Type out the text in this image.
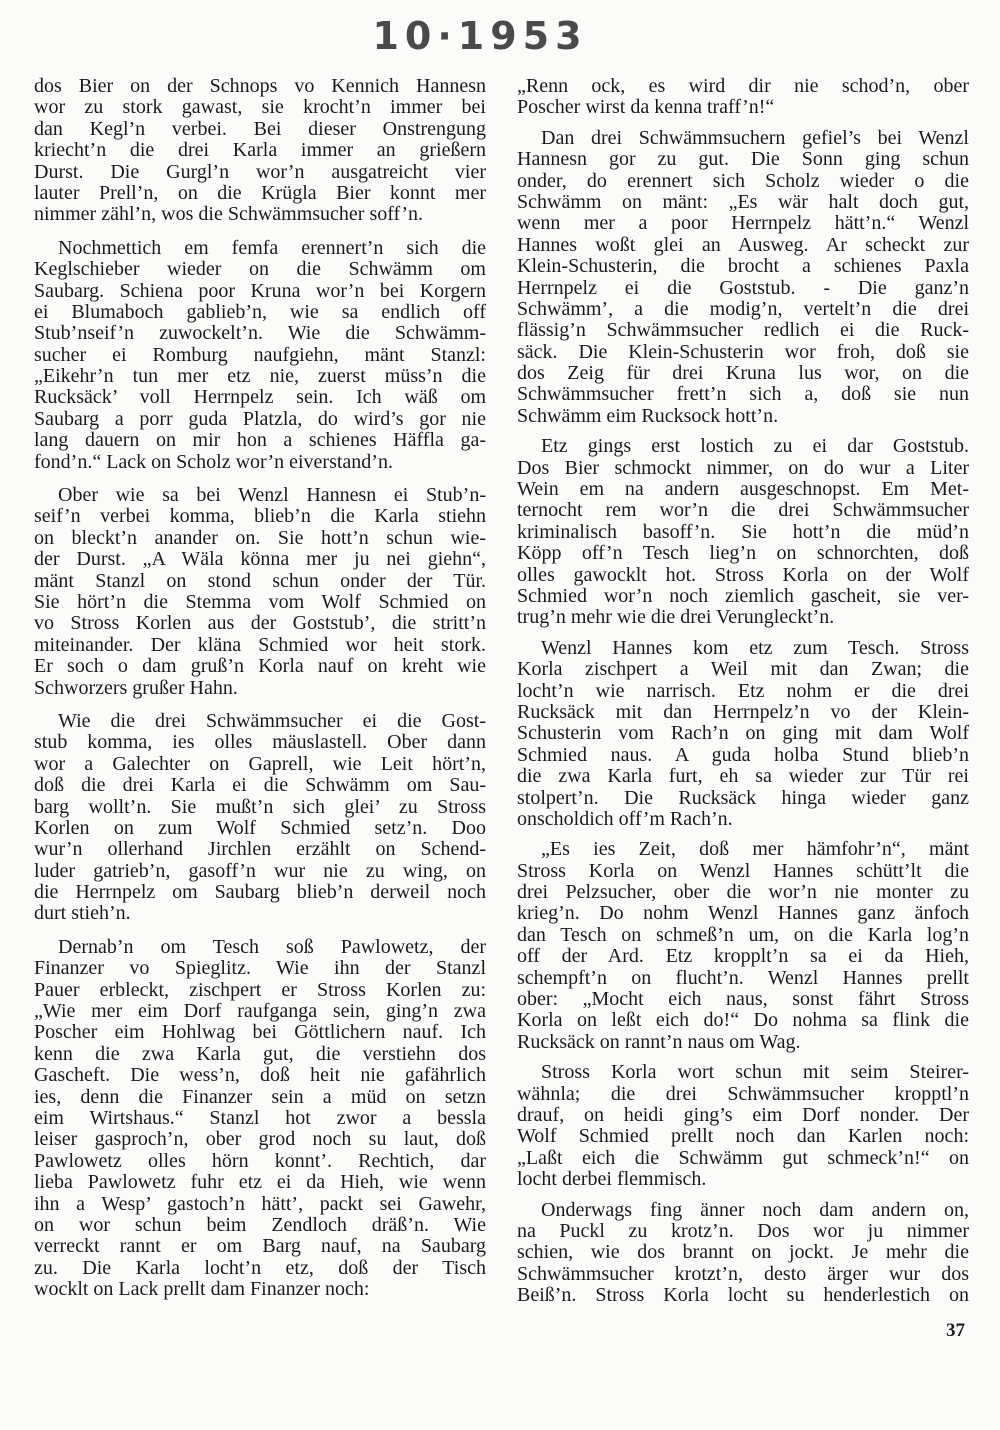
10·1953
dos Bier on der Schnops vo Kennich Hannesn
wor zu stork gawast, sie krocht’n immer bei
dan Kegl’n verbei. Bei dieser Onstrengung
kriecht’n die drei Karla immer an grießern
Durst. Die Gurgl’n wor’n ausgatreicht vier
lauter Prell’n, on die Krügla Bier konnt mer
nimmer zähl’n, wos die Schwämmsucher soff’n.
Nochmettich em femfa erennert’n sich die
Keglschieber wieder on die Schwämm om
Saubarg. Schiena poor Kruna wor’n bei Korgern
ei Blumaboch gablieb’n, wie sa endlich off
Stub’nseif’n zuwockelt’n. Wie die Schwämm-
sucher ei Romburg naufgiehn, mänt Stanzl:
„Eikehr’n tun mer etz nie, zuerst müss’n die
Rucksäck’ voll Herrnpelz sein. Ich wäß om
Saubarg a porr guda Platzla, do wird’s gor nie
lang dauern on mir hon a schienes Häffla ga-
fond’n.“ Lack on Scholz wor’n eiverstand’n.
Ober wie sa bei Wenzl Hannesn ei Stub’n-
seif’n verbei komma, blieb’n die Karla stiehn
on bleckt’n anander on. Sie hott’n schun wie-
der Durst. „A Wäla könna mer ju nei giehn“,
mänt Stanzl on stond schun onder der Tür.
Sie hört’n die Stemma vom Wolf Schmied on
vo Stross Korlen aus der Goststub’, die stritt’n
miteinander. Der kläna Schmied wor heit stork.
Er soch o dam gruß’n Korla nauf on kreht wie
Schworzers grußer Hahn.
Wie die drei Schwämmsucher ei die Gost-
stub komma, ies olles mäuslastell. Ober dann
wor a Galechter on Gaprell, wie Leit hört’n,
doß die drei Karla ei die Schwämm om Sau-
barg wollt’n. Sie mußt’n sich glei’ zu Stross
Korlen on zum Wolf Schmied setz’n. Doo
wur’n ollerhand Jirchlen erzählt on Schend-
luder gatrieb’n, gasoff’n wur nie zu wing, on
die Herrnpelz om Saubarg blieb’n derweil noch
durt stieh’n.
Dernab’n om Tesch soß Pawlowetz, der
Finanzer vo Spieglitz. Wie ihn der Stanzl
Pauer erbleckt, zischpert er Stross Korlen zu:
„Wie mer eim Dorf raufganga sein, ging’n zwa
Poscher eim Hohlwag bei Göttlichern nauf. Ich
kenn die zwa Karla gut, die verstiehn dos
Gascheft. Die wess’n, doß heit nie gafährlich
ies, denn die Finanzer sein a müd on setzn
eim Wirtshaus.“ Stanzl hot zwor a bessla
leiser gasproch’n, ober grod noch su laut, doß
Pawlowetz olles hörn konnt’. Rechtich, dar
lieba Pawlowetz fuhr etz ei da Hieh, wie wenn
ihn a Wesp’ gastoch’n hätt’, packt sei Gawehr,
on wor schun beim Zendloch dräß’n. Wie
verreckt rannt er om Barg nauf, na Saubarg
zu. Die Karla locht’n etz, doß der Tisch
wocklt on Lack prellt dam Finanzer noch:
„Renn ock, es wird dir nie schod’n, ober
Poscher wirst da kenna traff’n!“
Dan drei Schwämmsuchern gefiel’s bei Wenzl
Hannesn gor zu gut. Die Sonn ging schun
onder, do erennert sich Scholz wieder o die
Schwämm on mänt: „Es wär halt doch gut,
wenn mer a poor Herrnpelz hätt’n.“ Wenzl
Hannes woßt glei an Ausweg. Ar scheckt zur
Klein-Schusterin, die brocht a schienes Paxla
Herrnpelz ei die Goststub. - Die ganz’n
Schwämm’, a die modig’n, vertelt’n die drei
flässig’n Schwämmsucher redlich ei die Ruck-
säck. Die Klein-Schusterin wor froh, doß sie
dos Zeig für drei Kruna lus wor, on die
Schwämmsucher frett’n sich a, doß sie nun
Schwämm eim Rucksock hott’n.
Etz gings erst lostich zu ei dar Goststub.
Dos Bier schmockt nimmer, on do wur a Liter
Wein em na andern ausgeschnopst. Em Met-
ternocht rem wor’n die drei Schwämmsucher
kriminalisch basoff’n. Sie hott’n die müd’n
Köpp off’n Tesch lieg’n on schnorchten, doß
olles gawocklt hot. Stross Korla on der Wolf
Schmied wor’n noch ziemlich gascheit, sie ver-
trug’n mehr wie die drei Verungleckt’n.
Wenzl Hannes kom etz zum Tesch. Stross
Korla zischpert a Weil mit dan Zwan; die
locht’n wie narrisch. Etz nohm er die drei
Rucksäck mit dan Herrnpelz’n vo der Klein-
Schusterin vom Rach’n on ging mit dam Wolf
Schmied naus. A guda holba Stund blieb’n
die zwa Karla furt, eh sa wieder zur Tür rei
stolpert’n. Die Rucksäck hinga wieder ganz
onscholdich off’m Rach’n.
„Es ies Zeit, doß mer hämfohr’n“, mänt
Stross Korla on Wenzl Hannes schütt’lt die
drei Pelzsucher, ober die wor’n nie monter zu
krieg’n. Do nohm Wenzl Hannes ganz änfoch
dan Tesch on schmeß’n um, on die Karla log’n
off der Ard. Etz kropplt’n sa ei da Hieh,
schempft’n on flucht’n. Wenzl Hannes prellt
ober: „Mocht eich naus, sonst fährt Stross
Korla on leßt eich do!“ Do nohma sa flink die
Rucksäck on rannt’n naus om Wag.
Stross Korla wort schun mit seim Steirer-
wähnla; die drei Schwämmsucher kropptl’n
drauf, on heidi ging’s eim Dorf nonder. Der
Wolf Schmied prellt noch dan Karlen noch:
„Laßt eich die Schwämm gut schmeck’n!“ on
locht derbei flemmisch.
Onderwags fing änner noch dam andern on,
na Puckl zu krotz’n. Dos wor ju nimmer
schien, wie dos brannt on jockt. Je mehr die
Schwämmsucher krotzt’n, desto ärger wur dos
Beiß’n. Stross Korla locht su henderlestich on
37
